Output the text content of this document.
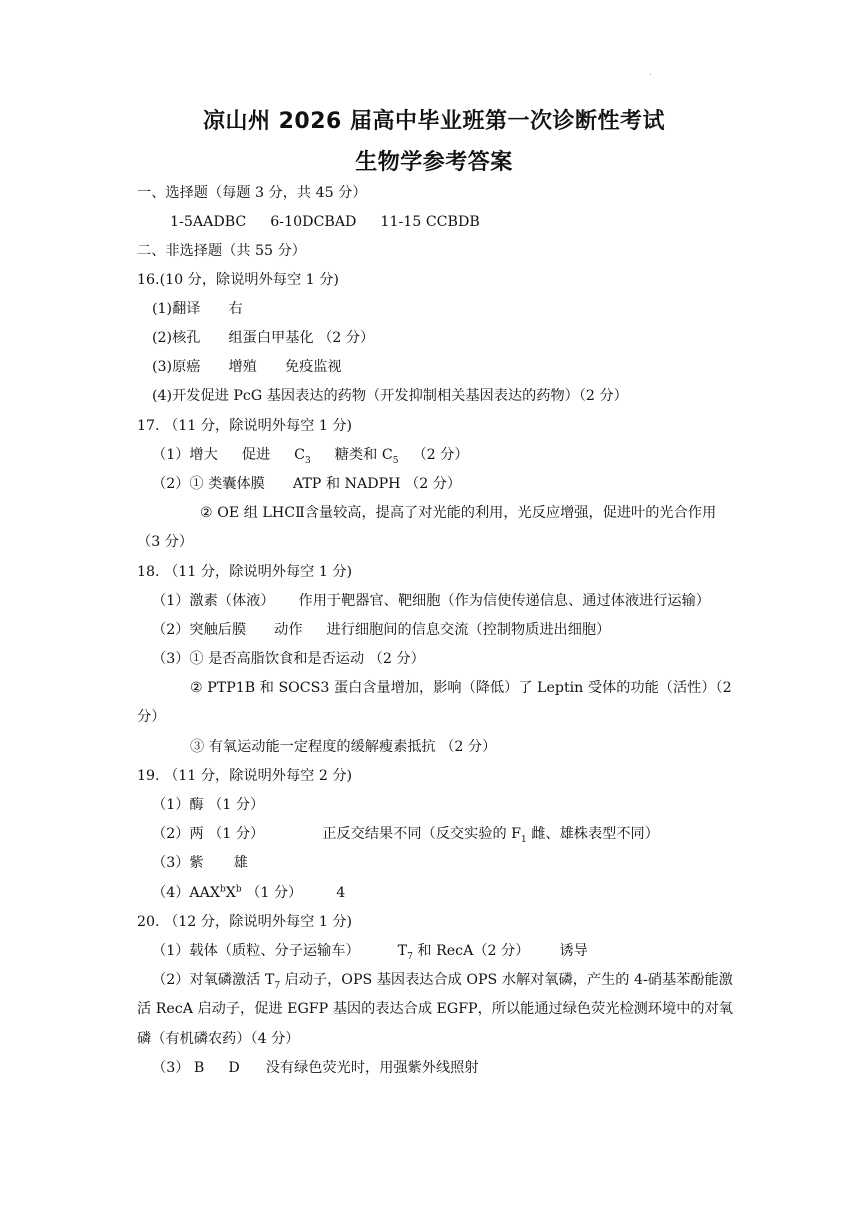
凉山州 2026 届高中毕业班第一次诊断性考试
生物学参考答案
一、选择题（每题 3 分，共 45 分）
1-5AADBC 6-10DCBAD 11-15 CCBDB
二、非选择题（共 55 分）
16.(10 分，除说明外每空 1 分)
(1)翻译 右
(2)核孔 组蛋白甲基化 （2 分）
(3)原癌 增殖 免疫监视
(4)开发促进 PcG 基因表达的药物（开发抑制相关基因表达的药物）（2 分）
17. （11 分，除说明外每空 1 分)
（1）增大 促进 $C_3$ 糖类和 $C_5$ （2 分）
（2）① 类囊体膜 ATP 和 NADPH （2 分）
② OE 组 LHCⅡ含量较高，提高了对光能的利用，光反应增强，促进叶的光合作用
（3 分）
18. （11 分，除说明外每空 1 分)
（1）激素（体液） 作用于靶器官、靶细胞（作为信使传递信息、通过体液进行运输）
（2）突触后膜 动作 进行细胞间的信息交流（控制物质进出细胞）
（3）① 是否高脂饮食和是否运动 （2 分）
② PTP1B 和 SOCS3 蛋白含量增加，影响（降低）了 Leptin 受体的功能（活性）（2
分）
③ 有氧运动能一定程度的缓解瘦素抵抗 （2 分）
19. （11 分，除说明外每空 2 分)
（1）酶 （1 分）
（2）两 （1 分）	正反交结果不同（反交实验的 $F_1$ 雌、雄株表型不同）
（3）紫 雄
$(4)AAX^bX^b$ （1 分） 4
20. （12 分，除说明外每空 1 分)
（1）载体（质粒、分子运输车）	$T_7$ 和 RecA（2 分） 诱导
（2）对氧磷激活 $T_7$ 启动子，OPS 基因表达合成 OPS 水解对氧磷，产生的 4-硝基苯酚能激
活 RecA 启动子，促进 EGFP 基因的表达合成 EGFP，所以能通过绿色荧光检测环境中的对氧
磷（有机磷农药）（4 分）
（3） B D 没有绿色荧光时，用强紫外线照射
